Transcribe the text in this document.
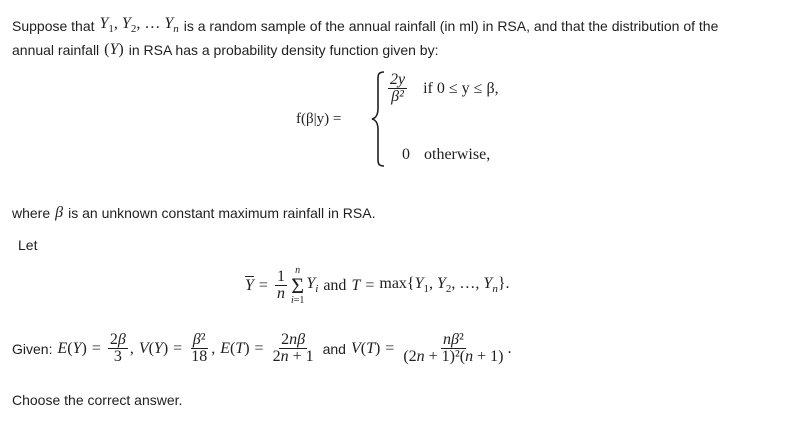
Suppose that $Y_1$, $Y_2$, … $Y_n$ is a random sample of the annual rainfall (in ml) in RSA, and that the distribution of the
annual rainfall (Y) in RSA has a probability density function given by:
f(β|y) =
$\frac{2y}{\text{β²}}$ if 0 ≤ y ≤ β,
0 otherwise,
where β is an unknown constant maximum rainfall in RSA.
Let
$\overline{Y} = \frac{1}{n}$ n
Σ
i=1
$Y_i$ and $T = \max\{Y_1$, $Y_2$, …, $Y_n$}.
Given: E ( Y ) = $\frac{2\beta}{3}$ , V ( Y ) = $\frac{\text{β²}}{18}$ , E ( T ) = $\frac{2n\beta}{2n + 1}$ and V ( T ) = $\frac{\text{nβ²}}{\text{(2n + 1)²(n + 1)}}$ .
Choose the correct answer.
